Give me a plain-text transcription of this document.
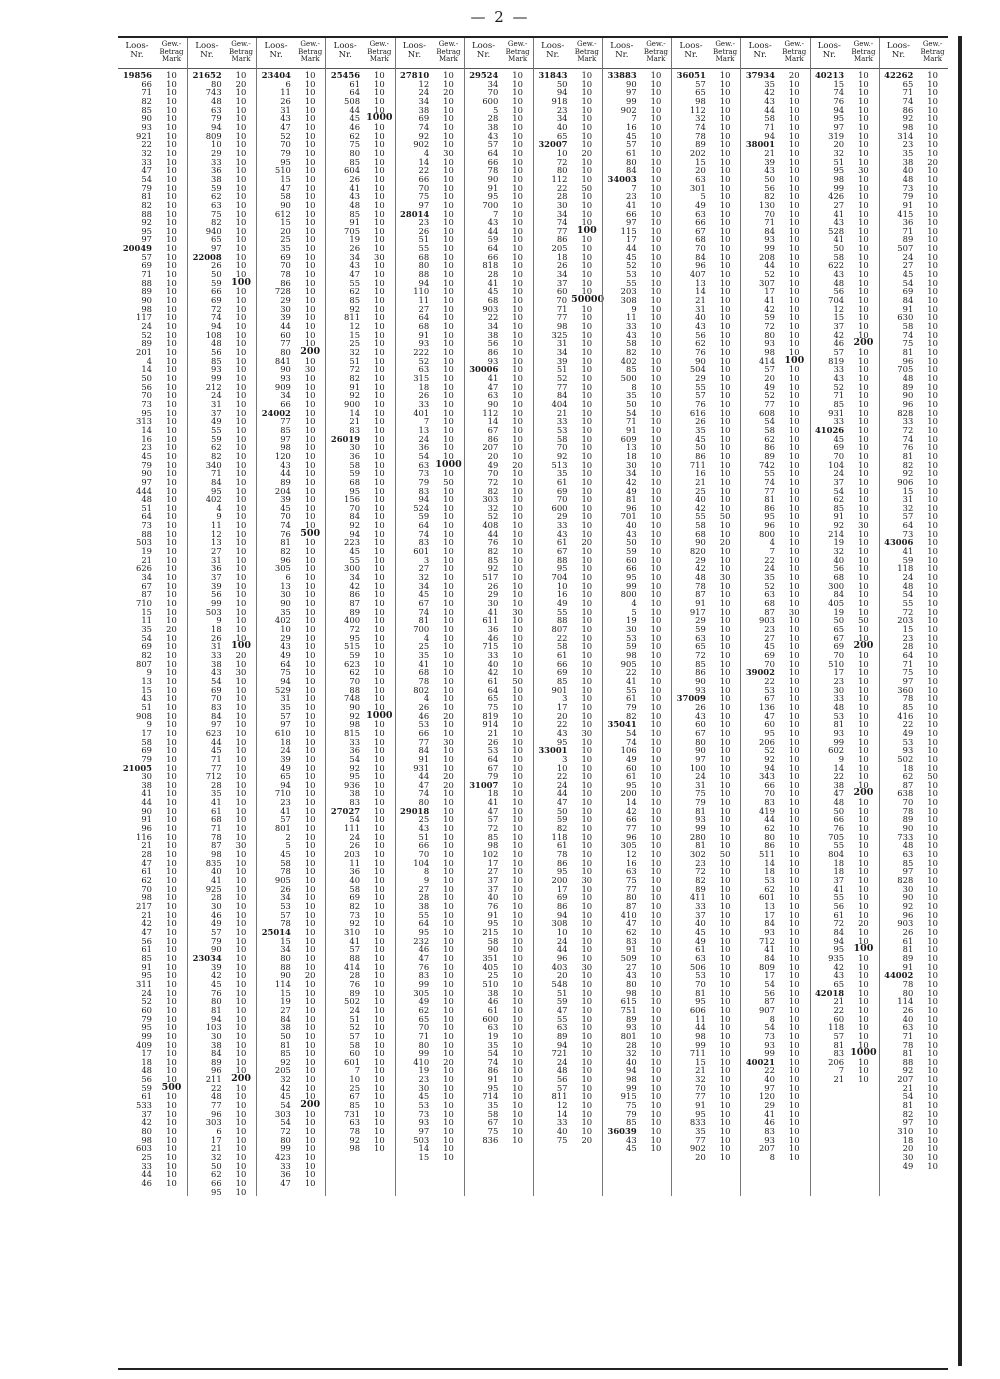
— 2 —
Loos-
Nr.
Gew.-
Betrag
Mark
19856	10
66	10
71	10
82	10
85	10
90	10
93	10
921	10
22	10
32	10
33	10
47	10
54	10
79	10
81	10
82	10
88	10
92	10
95	10
97	10
20049	10
57	10
69	10
71	10
88	10
89	10
90	10
98	10
117	10
24	10
52	10
89	10
201	10
4	10
14	10
50	10
56	10
70	10
73	10
95	10
313	10
14	10
16	10
23	10
45	10
79	10
90	10
97	10
444	10
48	10
51	10
64	10
73	10
88	10
503	10
19	10
21	10
626	10
34	10
67	10
87	10
710	10
15	10
11	10
35	20
54	10
69	10
82	10
807	10
9	10
13	10
15	10
43	10
51	10
908	10
9	10
17	10
58	10
69	10
79	10
21005	10
30	10
38	10
41	10
44	10
90	10
91	10
96	10
116	10
21	10
28	10
47	10
61	10
62	10
70	10
98	10
217	10
21	10
42	10
47	10
56	10
61	10
85	10
91	10
95	10
311	10
24	10
52	10
60	10
79	10
95	10
99	10
409	10
17	10
18	10
48	10
56	10
59	500
61	10
533	10
37	10
42	10
80	10
98	10
603	10
25	10
33	10
44	10
46	10
Loos-
Nr.
Gew.-
Betrag
Mark
21652	10
80	20
743	10
48	10
63	10
79	10
94	10
809	10
10	10
29	10
33	10
36	10
38	10
59	10
62	10
63	10
75	10
82	10
940	10
65	10
97	10
22008	10
26	10
50	10
59 100
66	10
69	10
72	10
74	10
94	10
108	10
48	10
56	10
85	10
93	10
99	10
212	10
24	10
31	10
37	10
49	10
55	10
59	10
62	10
82	10
340	10
71	10
84	10
95	10
402	10
4	10
9	10
11	10
12	10
13	10
27	10
31	10
36	10
37	10
39	10
56	10
99	10
503	10
9	10
18	10
26	10
31 100
33	20
38	10
43	30
54	10
69	10
70	10
83	10
84	10
97	10
623	10
44	10
45	10
71	10
77	10
712	10
28	10
35	10
41	10
61	10
68	10
71	10
78	10
87	30
98	10
835	10
40	10
41	10
925	10
28	10
30	10
46	10
49	10
57	10
79	10
90	10
23034	10
39	10
42	10
45	10
76	10
80	10
81	10
94	10
103	10
30	10
38	10
84	10
89	10
96	10
211 200
22	10
48	10
77	10
96	10
303	10
6	10
17	10
21	10
32	10
50	10
62	10
66	10
95	10
Loos-
Nr.
Gew.-
Betrag
Mark
23404	10
6	10
11	10
26	10
31	10
43	10
47	10
52	10
70	10
79	10
95	10
510	10
15	10
47	10
58	10
90	10
612	10
15	10
20	10
25	10
35	10
69	10
70	10
78	10
86	10
728	10
29	10
30	10
39	10
44	10
60	10
77	10
80 200
841	10
90	30
93	10
909	10
34	10
66	10
24002	10
77	10
85	10
97	10
98	10
120	10
43	10
44	10
89	10
204	10
39	10
45	10
70	10
74	10
76 500
81	10
82	10
96	10
305	10
6	10
13	10
30	10
90	10
35	10
402	10
10	10
29	10
43	10
49	10
64	10
75	10
94	10
529	10
31	10
35	10
57	10
97	10
610	10
18	10
24	10
39	10
49	10
65	10
94	10
710	10
23	10
41	10
57	10
801	10
2	10
5	10
45	10
58	10
78	10
905	10
26	10
34	10
53	10
57	10
78	10
25014	10
15	10
34	10
80	10
88	10
90	20
114	10
15	10
19	10
27	10
84	10
38	10
50	10
81	10
85	10
92	10
205	10
32	10
42	10
45	10
54 200
303	10
54	10
72	10
80	10
99	10
423	10
33	10
36	10
47	10
Loos-
Nr.
Gew.-
Betrag
Mark
25456	10
61	10
64	10
508	10
44	10
45 1000
46	10
62	10
75	10
80	10
85	10
604	10
26	10
41	10
43	10
48	10
85	10
91	10
705	10
19	10
26	10
34	30
43	10
47	10
55	10
62	10
85	10
92	10
811	10
12	10
15	10
25	10
32	10
51	10
72	10
82	10
91	10
92	10
900	10
14	10
21	10
83	10
26019	10
30	10
36	10
58	10
59	10
68	10
95	10
156	10
70	10
84	10
92	10
94	10
223	10
45	10
55	10
300	10
34	10
42	10
86	10
87	10
89	10
400	10
72	10
95	10
515	10
59	10
623	10
62	10
70	10
88	10
748	10
90	10
92 1000
98	10
815	10
33	10
36	10
54	10
92	10
95	10
936	10
38	10
83	10
27027	10
54	10
111	10
24	10
26	10
203	10
11	10
36	10
40	10
58	10
69	10
82	10
73	10
92	10
310	10
41	10
57	10
88	10
414	10
28	10
76	10
89	10
502	10
24	10
51	10
52	10
57	10
58	10
60	10
601	10
7	10
10	10
25	10
67	10
85	10
731	10
63	10
78	10
92	10
98	10
Loos-
Nr.
Gew.-
Betrag
Mark
27810	10
12	10
24	20
34	10
38	10
69	10
74	10
92	10
902	10
4	30
14	10
22	10
66	10
70	10
75	10
97	10
28014	10
23	10
26	10
51	10
55	10
68	10
80	10
88	10
94	10
110	10
11	10
27	10
64	10
68	10
91	10
93	10
222	10
52	10
63	10
315	10
18	10
26	10
33	10
401	10
7	10
13	10
24	10
36	10
54	10
63 1000
73	10
79	50
83	10
94	10
524	10
59	10
64	10
74	10
83	10
601	10
3	10
27	10
32	10
34	10
45	10
67	10
74	10
81	10
700	10
4	10
25	10
35	10
41	10
68	10
78	10
802	10
4	10
26	10
46	20
53	10
66	10
77	30
84	10
91	10
931	10
44	20
47	20
74	10
80	10
29018	10
25	10
43	10
51	10
66	10
70	10
104	10
8	10
9	10
27	10
28	10
38	10
55	10
64	10
95	10
232	10
46	10
47	10
76	10
83	10
99	10
305	10
49	10
62	10
65	10
70	10
71	10
80	10
99	10
410	20
19	10
23	10
30	10
45	10
53	10
73	10
93	10
97	10
503	10
14	10
15	10
Loos-
Nr.
Gew.-
Betrag
Mark
29524	10
34	10
70	10
600	10
5	10
28	10
38	10
43	10
57	10
64	10
66	10
78	10
90	10
91	10
95	10
700	10
7	10
43	10
44	10
59	10
64	10
66	10
818	10
28	10
41	10
45	10
68	10
903	10
22	10
34	10
38	10
56	10
86	10
93	10
30006	10
41	10
47	10
63	10
90	10
112	10
14	10
67	10
86	10
207	10
20	10
49	20
70	10
72	10
82	10
303	10
32	10
52	10
408	10
44	10
76	10
82	10
85	10
92	10
517	10
26	10
29	10
30	10
41	30
611	10
36	10
46	10
715	10
33	10
40	10
42	10
61	50
64	10
65	10
75	10
819	10
914	10
21	10
26	10
53	10
64	10
67	10
79	10
31007	10
18	10
41	10
47	10
57	10
72	10
85	10
98	10
102	10
17	10
27	10
37	10
37	10
40	10
76	10
91	10
95	10
215	10
58	10
90	10
351	10
405	10
25	10
510	10
38	10
46	10
61	10
600	10
63	10
19	10
35	10
54	10
74	10
86	10
91	10
95	10
714	10
35	10
58	10
67	10
75	10
836	10
Loos-
Nr.
Gew.-
Betrag
Mark
31843	10
50	10
94	10
918	10
23	10
34	10
40	10
65	10
32007	10
10	20
72	10
80	10
112	10
22	50
28	10
30	10
34	10
74	10
77 100
86	10
205	10
18	10
26	10
34	10
37	10
60	10
70 50000
71	10
77	10
98	10
325	10
31	10
34	10
39	10
51	10
52	10
77	10
84	10
404	10
21	10
33	10
53	10
58	10
70	10
92	10
513	10
35	10
61	10
69	10
70	10
600	10
29	10
33	10
43	10
61	20
67	10
88	10
95	10
704	10
10	10
16	10
49	10
55	10
88	10
807	10
22	10
58	10
61	10
66	10
69	10
85	10
901	10
3	10
17	10
20	10
22	10
43	30
95	10
33001	10
3	10
10	10
22	10
24	10
44	10
47	10
50	10
59	10
82	10
118	10
61	10
78	10
86	10
95	10
200	30
17	10
69	10
86	10
94	10
308	10
10	10
24	10
44	10
96	10
403	30
20	10
548	10
51	10
59	10
47	10
55	10
63	10
89	10
94	10
721	10
24	10
48	10
56	10
57	10
811	10
12	10
14	10
33	10
40	10
75	20
Loos-
Nr.
Gew.-
Betrag
Mark
33883	10
90	10
97	10
99	10
902	10
7	10
16	10
45	10
57	10
61	10
80	10
84	10
34003	10
7	10
23	10
41	10
66	10
97	10
115	10
17	10
44	10
45	10
52	10
53	10
55	10
203	10
308	10
9	10
11	10
33	10
43	10
58	10
82	10
402	10
85	10
500	10
8	10
35	10
50	10
54	10
71	10
91	10
609	10
13	10
18	10
30	10
34	10
42	10
49	10
81	10
96	10
701	10
40	10
43	10
50	10
59	10
60	10
66	10
95	10
99	10
800	10
4	10
5	10
19	10
30	10
53	10
59	10
98	10
905	10
22	10
41	10
55	10
61	10
79	10
82	10
35041	10
54	10
74	10
106	10
49	10
60	10
61	10
95	10
200	10
14	10
42	10
66	10
77	10
96	10
305	10
12	10
16	10
63	10
75	10
77	10
80	10
87	10
410	10
47	10
62	10
83	10
91	10
509	10
27	10
43	10
80	10
98	10
615	10
751	10
89	10
93	10
801	10
28	10
32	10
40	10
94	10
98	10
99	10
915	10
75	10
79	10
85	10
36039	10
43	10
45	10
Loos-
Nr.
Gew.-
Betrag
Mark
36051	10
57	10
65	10
98	10
112	10
32	10
74	10
78	10
89	10
202	10
15	10
20	10
63	10
301	10
5	10
49	10
63	10
66	10
67	10
68	10
70	10
84	10
96	10
407	10
13	10
14	10
21	10
31	10
40	10
43	10
56	10
62	10
76	10
90	10
504	10
29	10
55	10
57	10
76	10
616	10
26	10
35	10
45	10
50	10
86	10
711	10
16	10
21	10
25	10
40	10
42	10
55	50
58	10
68	10
90	20
820	10
29	10
42	10
48	30
78	10
87	10
91	10
917	10
29	10
59	10
63	10
65	10
72	10
85	10
86	10
90	10
93	10
37009	10
26	10
43	10
60	10
67	10
80	10
90	10
97	10
100	10
24	10
31	10
75	10
79	10
81	10
93	10
99	10
280	10
81	10
302	50
23	10
72	10
82	10
89	10
411	10
33	10
37	10
40	10
45	10
49	10
61	10
63	10
506	10
53	10
70	10
81	10
95	10
606	10
11	10
44	10
98	10
99	10
711	10
15	10
21	10
32	10
70	10
77	10
91	10
95	10
833	10
35	10
77	10
902	10
20	10
Loos-
Nr.
Gew.-
Betrag
Mark
37934	20
35	10
42	10
43	10
44	10
58	10
71	10
94	10
38001	10
21	10
39	10
43	10
50	10
56	10
82	10
130	10
70	10
71	10
84	10
93	10
99	10
208	10
44	10
52	10
307	10
17	10
41	10
42	10
59	10
72	10
80	10
93	10
98	10
414 100
57	10
20	10
49	10
52	10
77	10
608	10
54	10
58	10
62	10
86	10
89	10
742	10
55	10
74	10
77	10
81	10
86	10
95	10
96	10
800	10
4	10
7	10
22	10
24	10
35	10
52	10
63	10
68	10
87	30
903	10
23	10
27	10
45	10
69	10
70	10
39002	10
22	10
53	10
67	10
136	10
47	10
60	10
95	10
206	10
52	10
92	10
94	10
343	10
66	10
70	10
83	10
419	10
44	10
62	10
80	10
86	10
511	10
14	10
18	10
53	10
62	10
601	10
13	10
17	10
84	10
93	10
712	10
41	10
84	10
809	10
17	10
54	10
56	10
87	10
907	10
8	10
54	10
73	10
93	10
99	10
40021	10
22	10
40	10
97	10
120	10
29	10
41	10
46	10
83	10
93	10
207	10
8	10
Loos-
Nr.
Gew.-
Betrag
Mark
40213	10
15	10
74	10
76	10
94	10
95	10
97	10
319	10
20	10
32	10
51	10
95	30
98	10
99	10
426	10
27	10
41	10
43	10
528	10
41	10
50	10
58	10
622	10
43	10
48	10
56	10
704	10
12	10
15	10
37	10
42	10
46 200
57	10
819	10
33	10
43	10
52	10
71	10
85	10
931	10
33	10
41026	10
45	10
69	10
70	10
104	10
24	10
37	10
54	10
62	10
85	10
91	10
92	30
214	10
19	10
32	10
40	10
56	10
68	10
300	10
84	10
405	10
19	10
50	50
65	10
67	10
69 200
70	10
510	10
17	10
23	10
30	10
33	10
48	10
53	10
81	10
93	10
99	10
602	10
9	10
14	10
22	10
38	10
47 200
48	10
50	10
66	10
76	10
705	10
55	10
804	10
18	10
18	10
37	10
41	10
55	10
56	10
61	10
72	20
84	10
94	10
95 100
935	10
42	10
43	10
65	10
42018	10
21	10
22	10
60	10
118	10
57	10
81	10
83 1000
206	10
7	10
21	10
Loos-
Nr.
Gew.-
Betrag
Mark
42262	10
65	10
71	10
74	10
86	10
92	10
98	10
314	10
23	10
35	10
38	20
40	10
48	10
73	10
79	10
91	10
415	10
36	10
71	10
89	10
507	10
24	10
27	10
45	10
54	10
69	10
84	10
91	10
630	10
58	10
74	10
75	10
81	10
96	10
705	10
48	10
89	10
90	10
96	10
828	10
33	10
72	10
74	10
76	10
81	10
82	10
92	10
906	10
15	10
31	10
32	10
57	10
64	10
73	10
43006	10
41	10
59	10
118	10
24	10
48	10
54	10
55	10
72	10
203	10
15	10
23	10
28	10
64	10
71	10
75	10
97	10
360	10
78	10
85	10
416	10
22	10
49	10
53	10
93	10
502	10
18	10
62	50
87	10
638	10
70	10
78	10
89	10
90	10
733	10
48	10
63	10
85	10
97	10
828	10
30	10
90	10
92	10
96	10
903	10
26	10
61	10
81	10
89	10
91	10
44002	10
78	10
80	10
114	10
26	10
40	10
63	10
71	10
78	10
81	10
88	10
92	10
207	10
21	10
54	10
81	10
82	10
97	10
310	10
18	10
20	10
30	10
49	10
